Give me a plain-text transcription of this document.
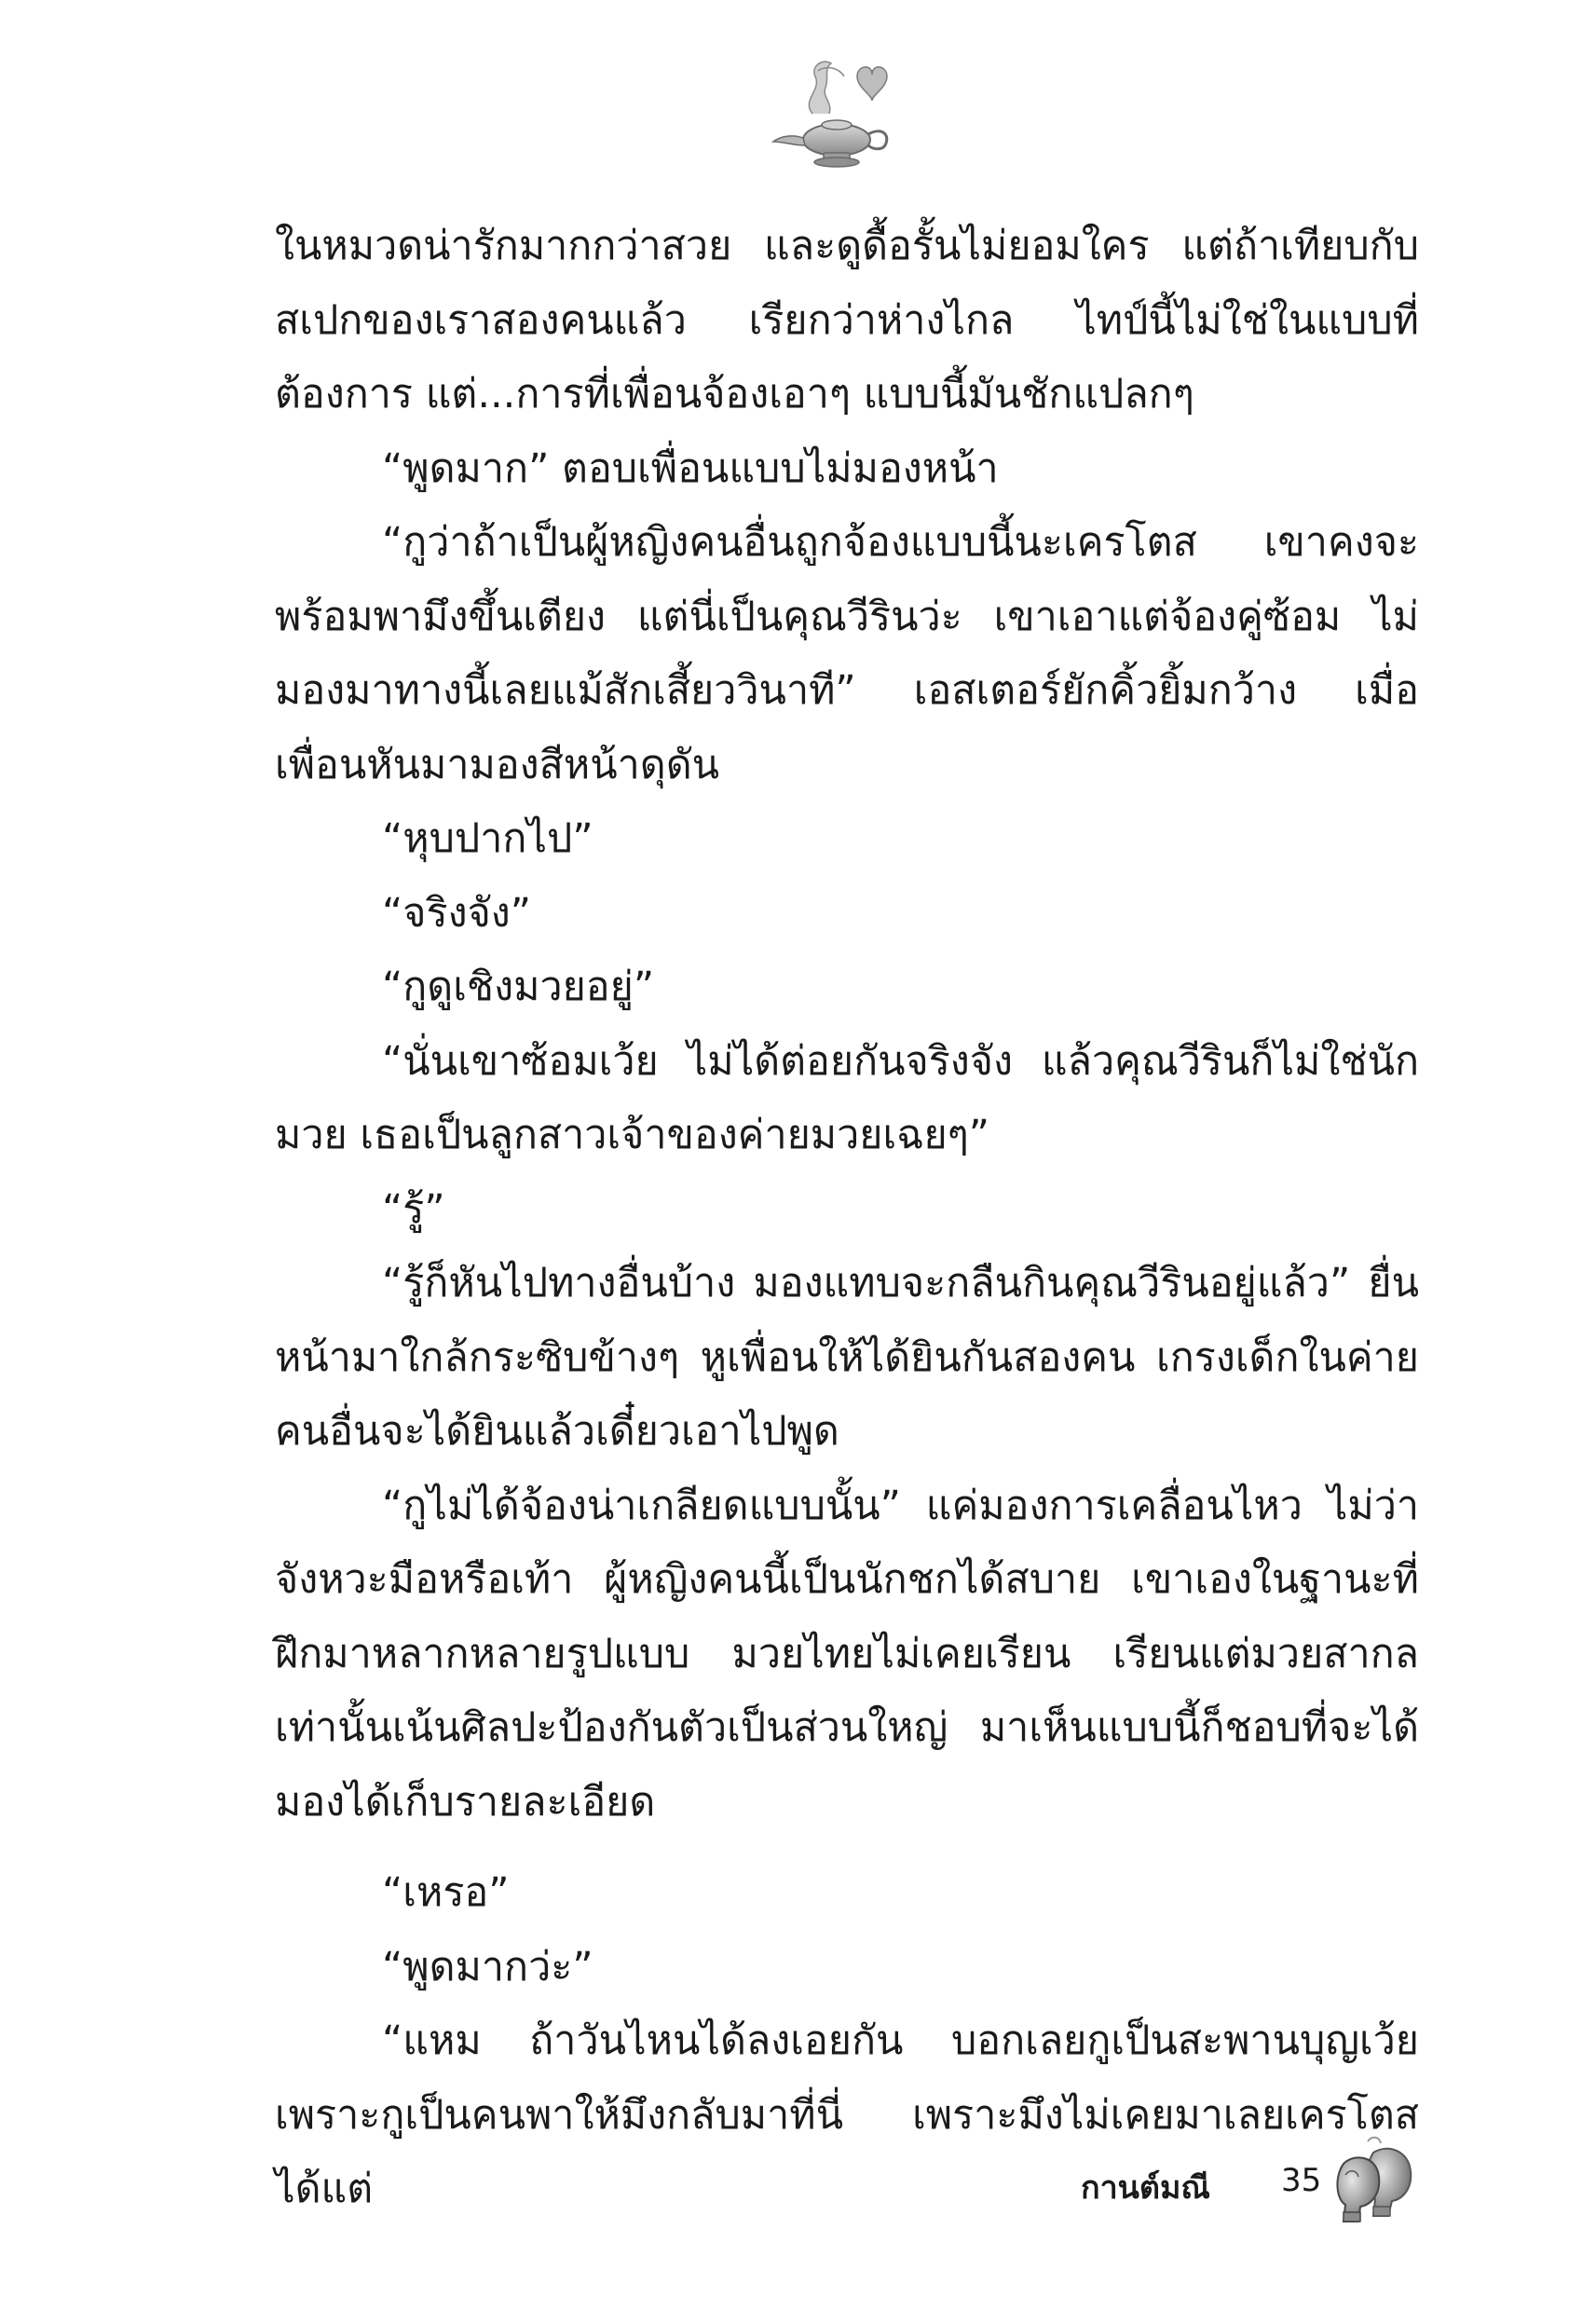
ในหมวดน่ารักมากกว่าสวย และดูดื้อรั้นไม่ยอมใคร แต่ถ้าเทียบกับสเปกของเราสองคนแล้ว เรียกว่าห่างไกล ไทป์นี้ไม่ใช่ในแบบที่ต้องการ แต่...การที่เพื่อนจ้องเอาๆ แบบนี้มันชักแปลกๆ

“พูดมาก” ตอบเพื่อนแบบไม่มองหน้า

“กูว่าถ้าเป็นผู้หญิงคนอื่นถูกจ้องแบบนี้นะเครโตส เขาคงจะพร้อมพามึงขึ้นเตียง แต่นี่เป็นคุณวีรินว่ะ เขาเอาแต่จ้องคู่ซ้อม ไม่มองมาทางนี้เลยแม้สักเสี้ยววินาที” เอสเตอร์ยักคิ้วยิ้มกว้าง เมื่อเพื่อนหันมามองสีหน้าดุดัน

“หุบปากไป”

“จริงจัง”

“กูดูเชิงมวยอยู่”

“นั่นเขาซ้อมเว้ย ไม่ได้ต่อยกันจริงจัง แล้วคุณวีรินก็ไม่ใช่นักมวย เธอเป็นลูกสาวเจ้าของค่ายมวยเฉยๆ”

“รู้”

“รู้ก็หันไปทางอื่นบ้าง มองแทบจะกลืนกินคุณวีรินอยู่แล้ว” ยื่นหน้ามาใกล้กระซิบข้างๆ หูเพื่อนให้ได้ยินกันสองคน เกรงเด็กในค่ายคนอื่นจะได้ยินแล้วเดี๋ยวเอาไปพูด

“กูไม่ได้จ้องน่าเกลียดแบบนั้น” แค่มองการเคลื่อนไหว ไม่ว่าจังหวะมือหรือเท้า ผู้หญิงคนนี้เป็นนักชกได้สบาย เขาเองในฐานะที่ฝึกมาหลากหลายรูปแบบ มวยไทยไม่เคยเรียน เรียนแต่มวยสากลเท่านั้นเน้นศิลปะป้องกันตัวเป็นส่วนใหญ่ มาเห็นแบบนี้ก็ชอบที่จะได้มองได้เก็บรายละเอียด

“เหรอ”

“พูดมากว่ะ”

“แหม ถ้าวันไหนได้ลงเอยกัน บอกเลยกูเป็นสะพานบุญเว้ย เพราะกูเป็นคนพาให้มึงกลับมาที่นี่ เพราะมึงไม่เคยมาเลยเครโตส ได้แต่	กานต์มณี 35
